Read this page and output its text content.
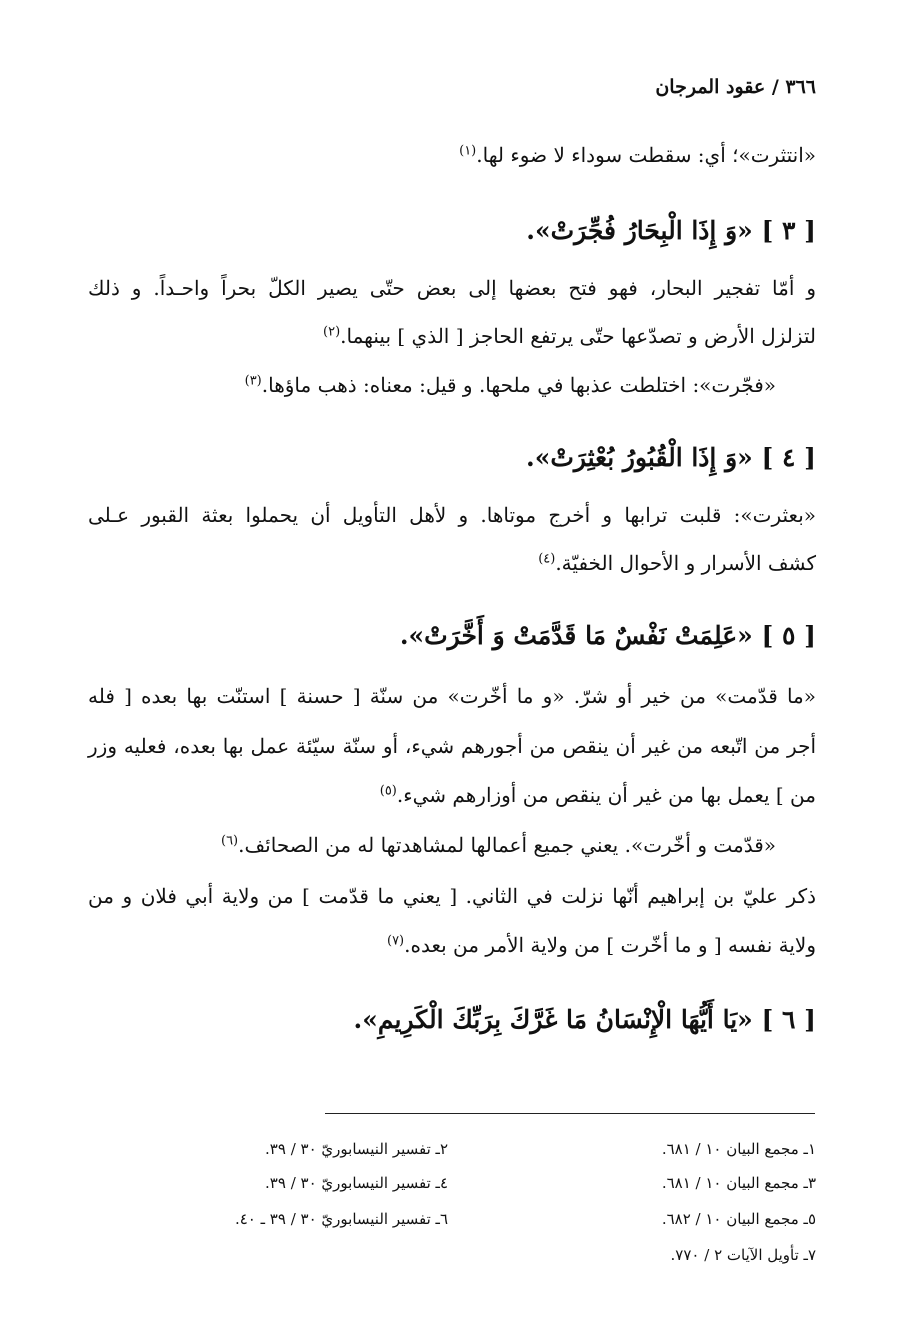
٣٦٦ / عقود المرجان
«انتثرت»؛ أي: سقطت سوداء لا ضوء لها.$^{(١)}$
[ ٣ ] «وَ إِذَا الْبِحَارُ فُجِّرَتْ».
و أمّا تفجير البحار، فهو فتح بعضها إلى بعض حتّى يصير الكلّ بحراً واحـداً. و ذلك
لتزلزل الأرض و تصدّعها حتّى يرتفع الحاجز [ الذي ] بينهما.$^{(٢)}$
«فجّرت»: اختلطت عذبها في ملحها. و قيل: معناه: ذهب ماؤها.$^{(٣)}$
[ ٤ ] «وَ إِذَا الْقُبُورُ بُعْثِرَتْ».
«بعثرت»: قلبت ترابها و أخرج موتاها. و لأهل التأويل أن يحملوا بعثة القبور عـلى
كشف الأسرار و الأحوال الخفيّة.$^{(٤)}$
[ ٥ ] «عَلِمَتْ نَفْسٌ مَا قَدَّمَتْ وَ أَخَّرَتْ».
«ما قدّمت» من خير أو شرّ. «و ما أخّرت» من سنّة [ حسنة ] استنّت بها بعده [ فله
أجر من اتّبعه من غير أن ينقص من أجورهم شيء، أو سنّة سيّئة عمل بها بعده، فعليه وزر
من ] يعمل بها من غير أن ينقص من أوزارهم شيء.$^{(٥)}$
«قدّمت و أخّرت». يعني جميع أعمالها لمشاهدتها له من الصحائف.$^{(٦)}$
ذكر عليّ بن إبراهيم أنّها نزلت في الثاني. [ يعني ما قدّمت ] من ولاية أبي فلان و من
ولاية نفسه [ و ما أخّرت ] من ولاية الأمر من بعده.$^{(٧)}$
[ ٦ ] «يَا أَيُّهَا الْإِنْسَانُ مَا غَرَّكَ بِرَبِّكَ الْكَرِيمِ».
١ـ مجمع البيان ١٠ / ٦٨١.
٢ـ تفسير النيسابوريّ ٣٠ / ٣٩.
٣ـ مجمع البيان ١٠ / ٦٨١.
٤ـ تفسير النيسابوريّ ٣٠ / ٣٩.
٥ـ مجمع البيان ١٠ / ٦٨٢.
٦ـ تفسير النيسابوريّ ٣٠ / ٣٩ ـ ٤٠.
٧ـ تأويل الآيات ٢ / ٧٧٠.
